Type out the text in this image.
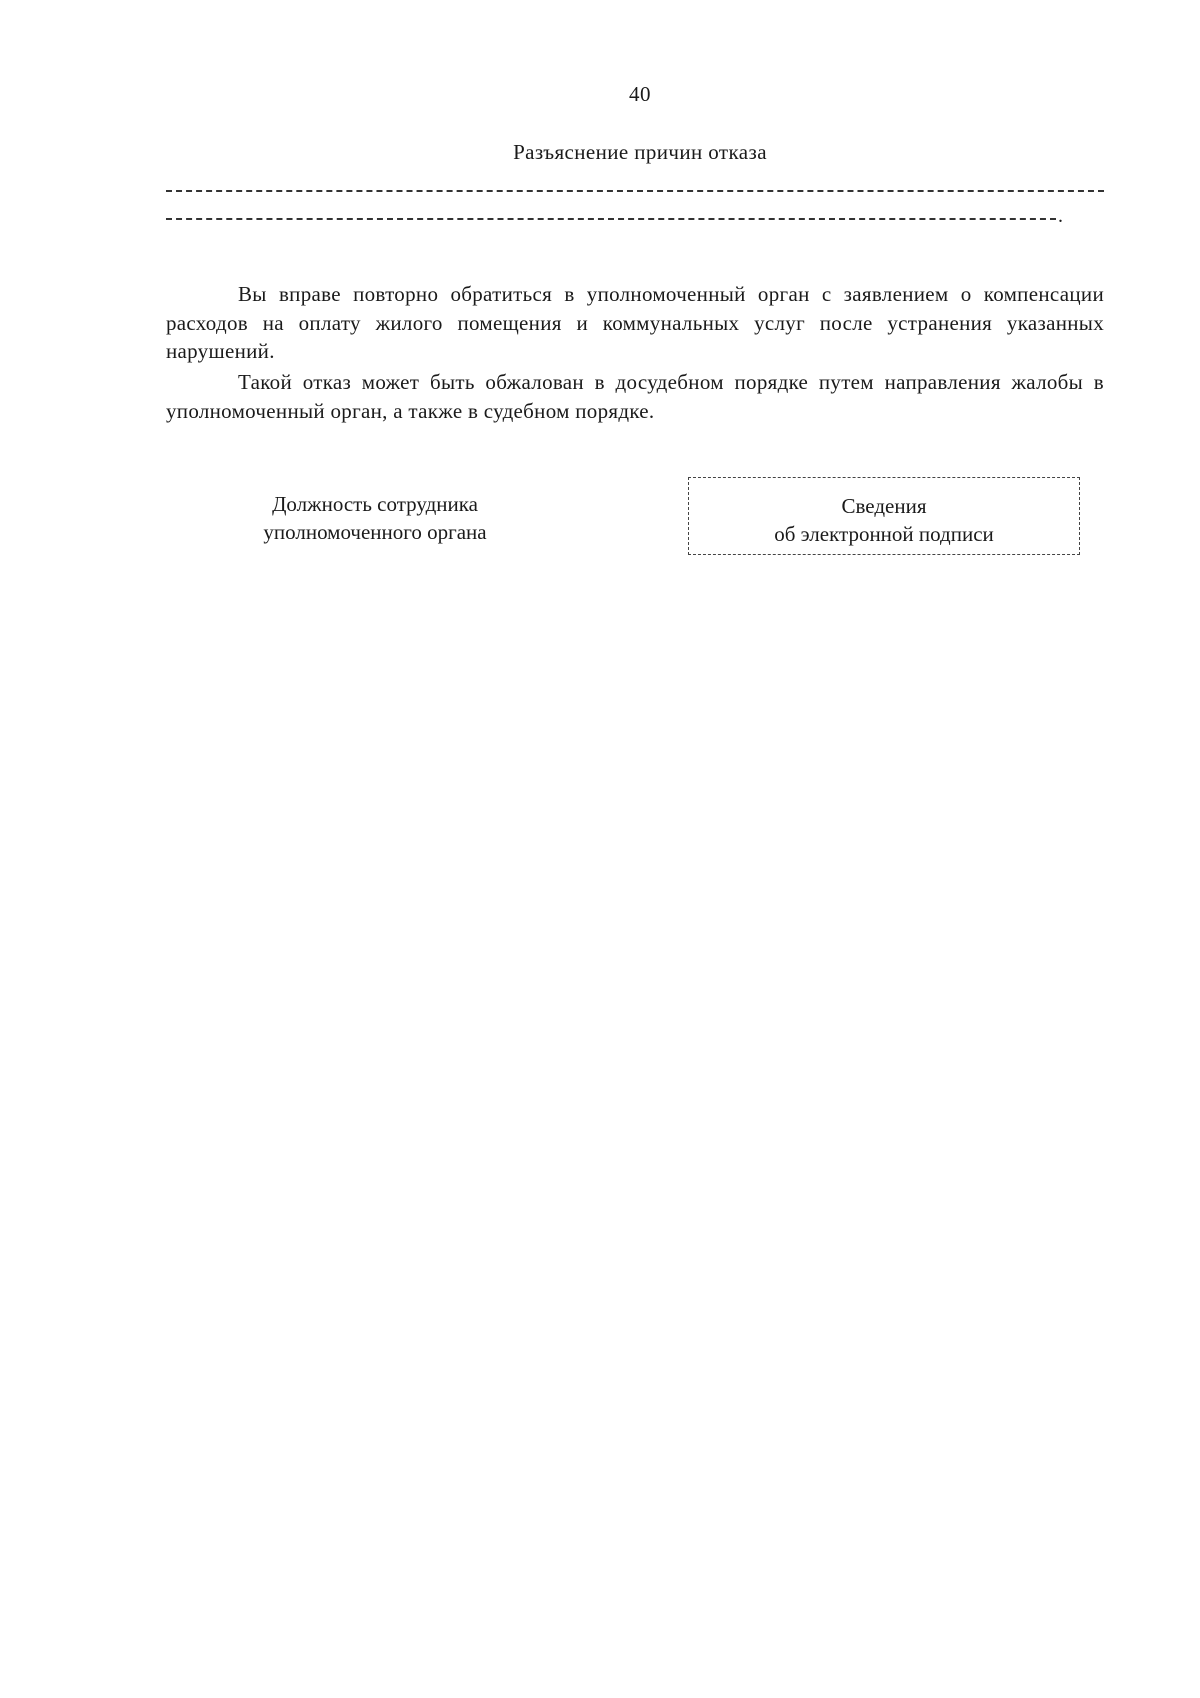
40
Разъяснение причин отказа
.

Вы вправе повторно обратиться в уполномоченный орган с заявлением о компенсации расходов на оплату жилого помещения и коммунальных услуг после устранения указанных нарушений.

Такой отказ может быть обжалован в досудебном порядке путем направления жалобы в уполномоченный орган, а также в судебном порядке.

Должность сотрудника
уполномоченного органа
Сведения
об электронной подписи
